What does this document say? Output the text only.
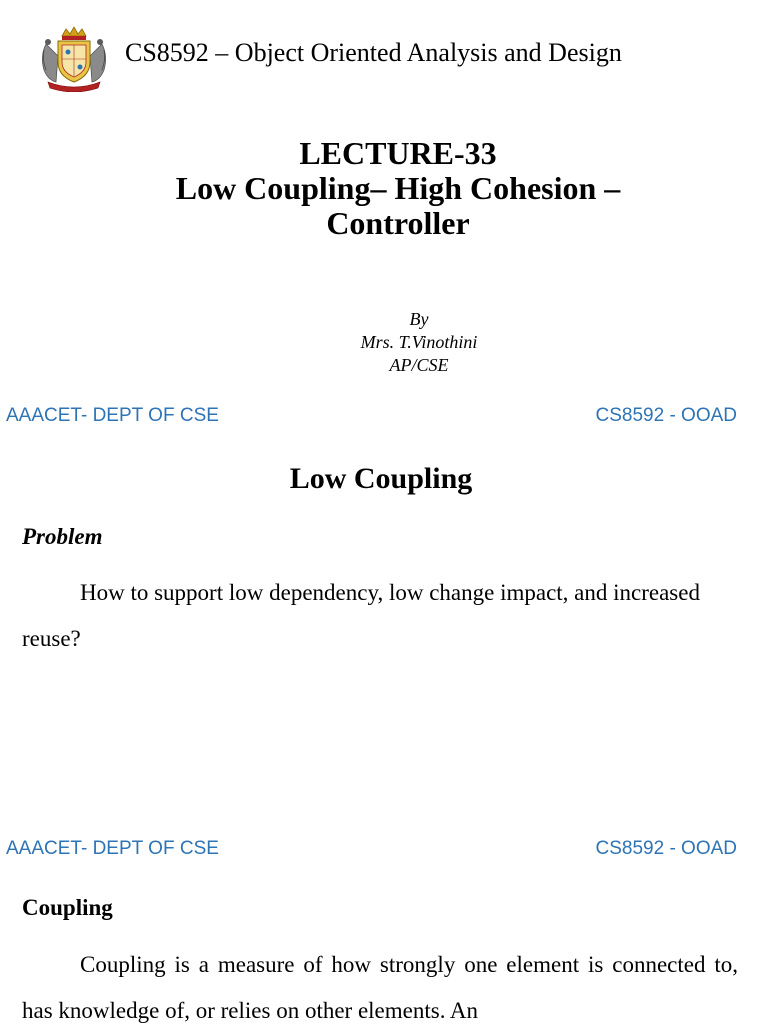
CS8592 – Object Oriented Analysis and Design
LECTURE-33
Low Coupling– High Cohesion –
Controller
By
Mrs. T.Vinothini
AP/CSE
AAACET- DEPT OF CSE	CS8592 - OOAD
Low Coupling
Problem
How to support low dependency, low change impact, and increased reuse?
AAACET- DEPT OF CSE	CS8592 - OOAD
Coupling
Coupling is a measure of how strongly one element is connected to, has knowledge of, or relies on other elements. An
